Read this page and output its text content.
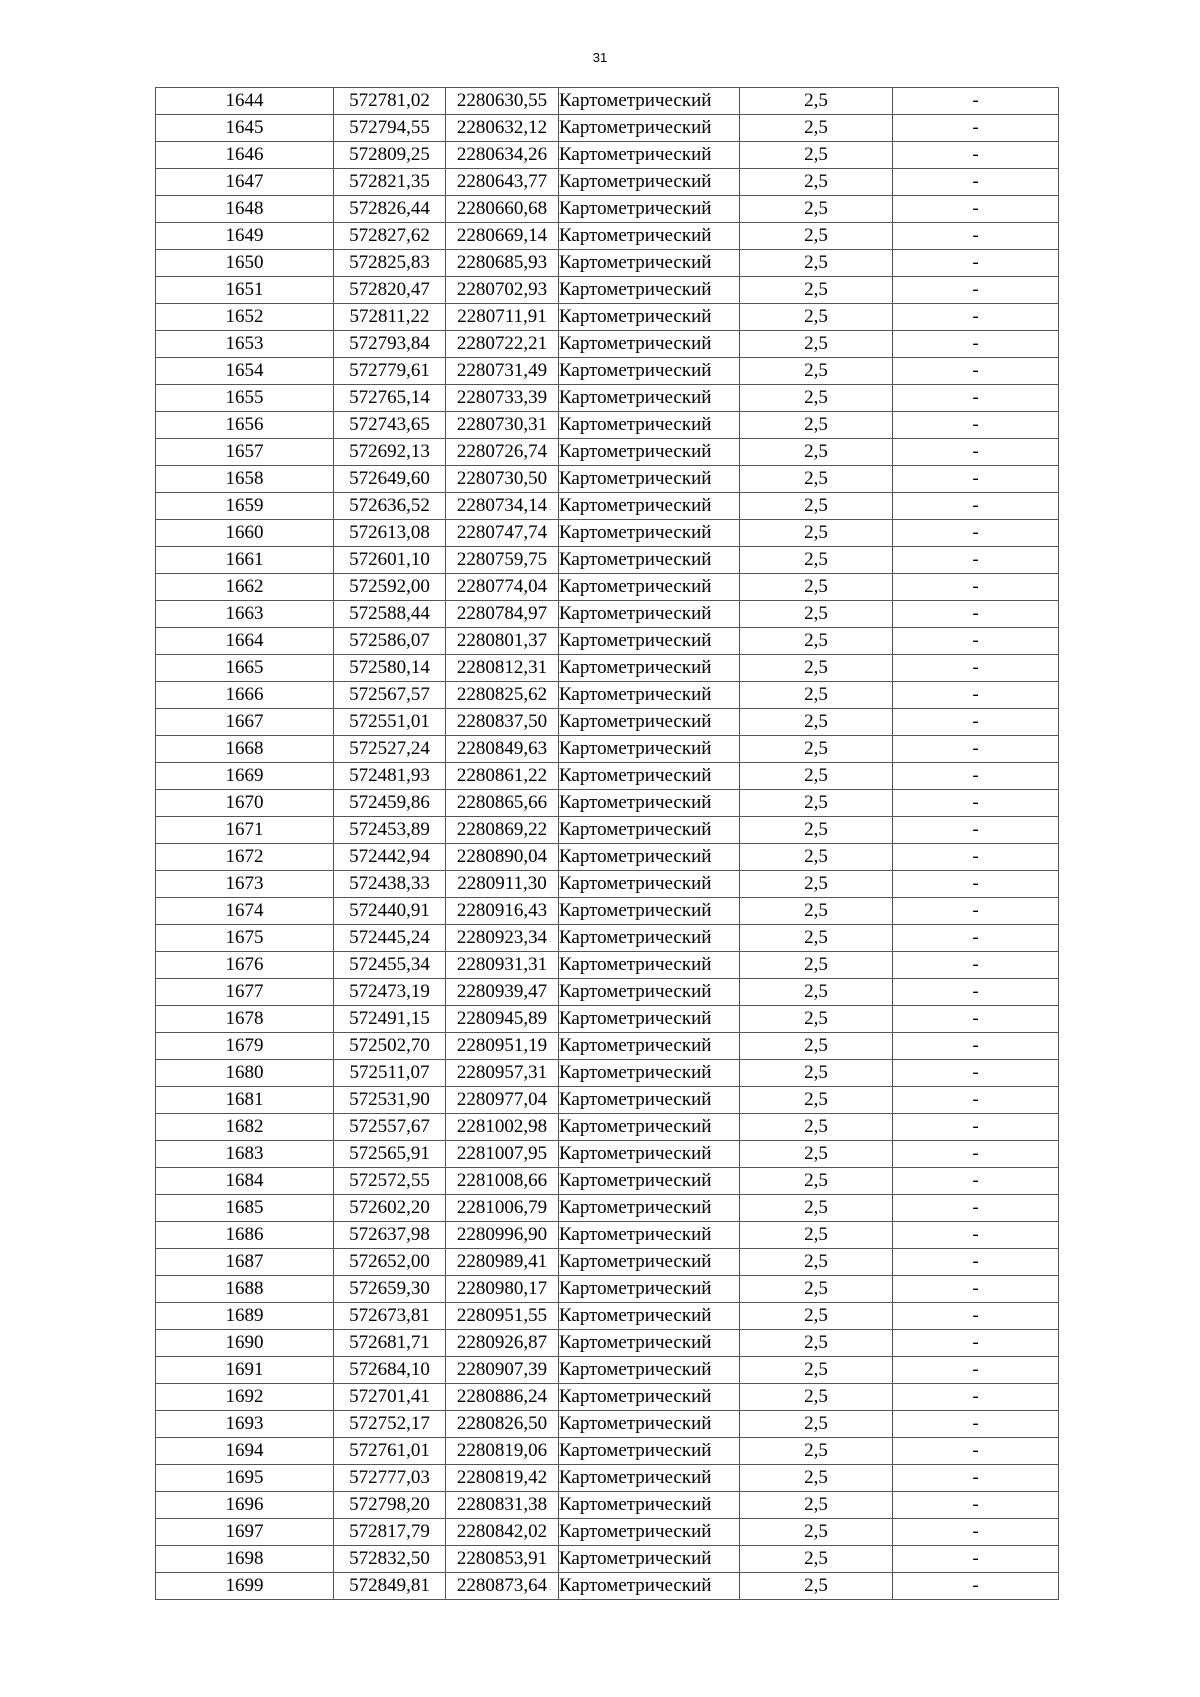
31
1644	572781,02	2280630,55	Картометрический	2,5	-
1645	572794,55	2280632,12	Картометрический	2,5	-
1646	572809,25	2280634,26	Картометрический	2,5	-
1647	572821,35	2280643,77	Картометрический	2,5	-
1648	572826,44	2280660,68	Картометрический	2,5	-
1649	572827,62	2280669,14	Картометрический	2,5	-
1650	572825,83	2280685,93	Картометрический	2,5	-
1651	572820,47	2280702,93	Картометрический	2,5	-
1652	572811,22	2280711,91	Картометрический	2,5	-
1653	572793,84	2280722,21	Картометрический	2,5	-
1654	572779,61	2280731,49	Картометрический	2,5	-
1655	572765,14	2280733,39	Картометрический	2,5	-
1656	572743,65	2280730,31	Картометрический	2,5	-
1657	572692,13	2280726,74	Картометрический	2,5	-
1658	572649,60	2280730,50	Картометрический	2,5	-
1659	572636,52	2280734,14	Картометрический	2,5	-
1660	572613,08	2280747,74	Картометрический	2,5	-
1661	572601,10	2280759,75	Картометрический	2,5	-
1662	572592,00	2280774,04	Картометрический	2,5	-
1663	572588,44	2280784,97	Картометрический	2,5	-
1664	572586,07	2280801,37	Картометрический	2,5	-
1665	572580,14	2280812,31	Картометрический	2,5	-
1666	572567,57	2280825,62	Картометрический	2,5	-
1667	572551,01	2280837,50	Картометрический	2,5	-
1668	572527,24	2280849,63	Картометрический	2,5	-
1669	572481,93	2280861,22	Картометрический	2,5	-
1670	572459,86	2280865,66	Картометрический	2,5	-
1671	572453,89	2280869,22	Картометрический	2,5	-
1672	572442,94	2280890,04	Картометрический	2,5	-
1673	572438,33	2280911,30	Картометрический	2,5	-
1674	572440,91	2280916,43	Картометрический	2,5	-
1675	572445,24	2280923,34	Картометрический	2,5	-
1676	572455,34	2280931,31	Картометрический	2,5	-
1677	572473,19	2280939,47	Картометрический	2,5	-
1678	572491,15	2280945,89	Картометрический	2,5	-
1679	572502,70	2280951,19	Картометрический	2,5	-
1680	572511,07	2280957,31	Картометрический	2,5	-
1681	572531,90	2280977,04	Картометрический	2,5	-
1682	572557,67	2281002,98	Картометрический	2,5	-
1683	572565,91	2281007,95	Картометрический	2,5	-
1684	572572,55	2281008,66	Картометрический	2,5	-
1685	572602,20	2281006,79	Картометрический	2,5	-
1686	572637,98	2280996,90	Картометрический	2,5	-
1687	572652,00	2280989,41	Картометрический	2,5	-
1688	572659,30	2280980,17	Картометрический	2,5	-
1689	572673,81	2280951,55	Картометрический	2,5	-
1690	572681,71	2280926,87	Картометрический	2,5	-
1691	572684,10	2280907,39	Картометрический	2,5	-
1692	572701,41	2280886,24	Картометрический	2,5	-
1693	572752,17	2280826,50	Картометрический	2,5	-
1694	572761,01	2280819,06	Картометрический	2,5	-
1695	572777,03	2280819,42	Картометрический	2,5	-
1696	572798,20	2280831,38	Картометрический	2,5	-
1697	572817,79	2280842,02	Картометрический	2,5	-
1698	572832,50	2280853,91	Картометрический	2,5	-
1699	572849,81	2280873,64	Картометрический	2,5	-
